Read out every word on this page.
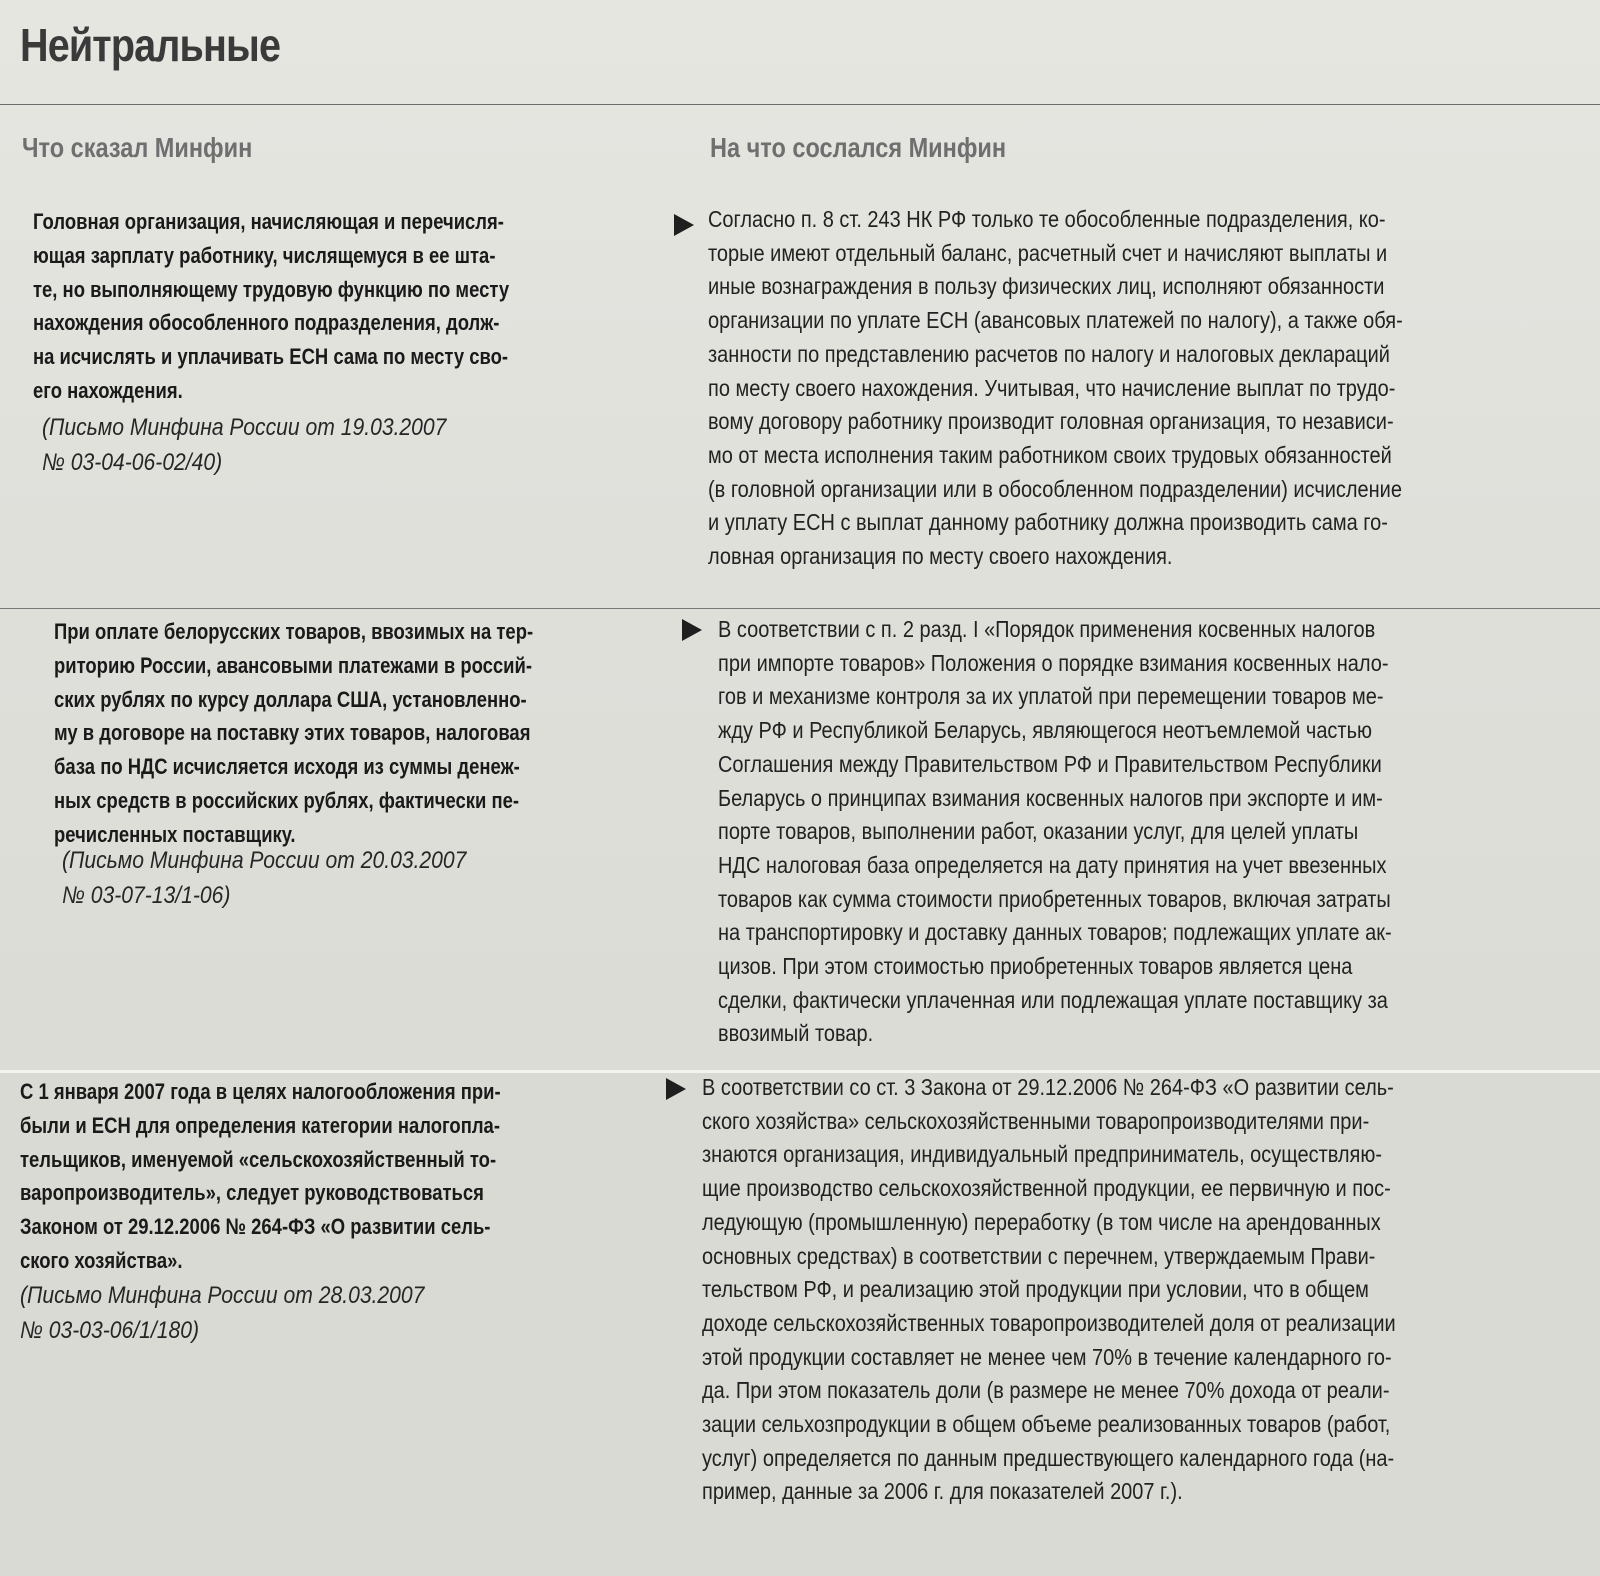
Нейтральные
Что сказал Минфин	На что сослался Минфин
Головная организация, начисляющая и перечисля-
ющая зарплату работнику, числящемуся в ее шта-
те, но выполняющему трудовую функцию по месту
нахождения обособленного подразделения, долж-
на исчислять и уплачивать ЕСН сама по месту сво-
его нахождения.
(Письмо Минфина России от 19.03.2007
№ 03-04-06-02/40)
Согласно п. 8 ст. 243 НК РФ только те обособленные подразделения, ко-
торые имеют отдельный баланс, расчетный счет и начисляют выплаты и
иные вознаграждения в пользу физических лиц, исполняют обязанности
организации по уплате ЕСН (авансовых платежей по налогу), а также обя-
занности по представлению расчетов по налогу и налоговых деклараций
по месту своего нахождения. Учитывая, что начисление выплат по трудо-
вому договору работнику производит головная организация, то независи-
мо от места исполнения таким работником своих трудовых обязанностей
(в головной организации или в обособленном подразделении) исчисление
и уплату ЕСН с выплат данному работнику должна производить сама го-
ловная организация по месту своего нахождения.
При оплате белорусских товаров, ввозимых на тер-
риторию России, авансовыми платежами в россий-
ских рублях по курсу доллара США, установленно-
му в договоре на поставку этих товаров, налоговая
база по НДС исчисляется исходя из суммы денеж-
ных средств в российских рублях, фактически пе-
речисленных поставщику.
(Письмо Минфина России от 20.03.2007
№ 03-07-13/1-06)
В соответствии с п. 2 разд. I «Порядок применения косвенных налогов
при импорте товаров» Положения о порядке взимания косвенных нало-
гов и механизме контроля за их уплатой при перемещении товаров ме-
жду РФ и Республикой Беларусь, являющегося неотъемлемой частью
Соглашения между Правительством РФ и Правительством Республики
Беларусь о принципах взимания косвенных налогов при экспорте и им-
порте товаров, выполнении работ, оказании услуг, для целей уплаты
НДС налоговая база определяется на дату принятия на учет ввезенных
товаров как сумма стоимости приобретенных товаров, включая затраты
на транспортировку и доставку данных товаров; подлежащих уплате ак-
цизов. При этом стоимостью приобретенных товаров является цена
сделки, фактически уплаченная или подлежащая уплате поставщику за
ввозимый товар.
С 1 января 2007 года в целях налогообложения при-
были и ЕСН для определения категории налогопла-
тельщиков, именуемой «сельскохозяйственный то-
варопроизводитель», следует руководствоваться
Законом от 29.12.2006 № 264-ФЗ «О развитии сель-
ского хозяйства».
(Письмо Минфина России от 28.03.2007
№ 03-03-06/1/180)
В соответствии со ст. 3 Закона от 29.12.2006 № 264-ФЗ «О развитии сель-
ского хозяйства» сельскохозяйственными товаропроизводителями при-
знаются организация, индивидуальный предприниматель, осуществляю-
щие производство сельскохозяйственной продукции, ее первичную и пос-
ледующую (промышленную) переработку (в том числе на арендованных
основных средствах) в соответствии с перечнем, утверждаемым Прави-
тельством РФ, и реализацию этой продукции при условии, что в общем
доходе сельскохозяйственных товаропроизводителей доля от реализации
этой продукции составляет не менее чем 70% в течение календарного го-
да. При этом показатель доли (в размере не менее 70% дохода от реали-
зации сельхозпродукции в общем объеме реализованных товаров (работ,
услуг) определяется по данным предшествующего календарного года (на-
пример, данные за 2006 г. для показателей 2007 г.).
